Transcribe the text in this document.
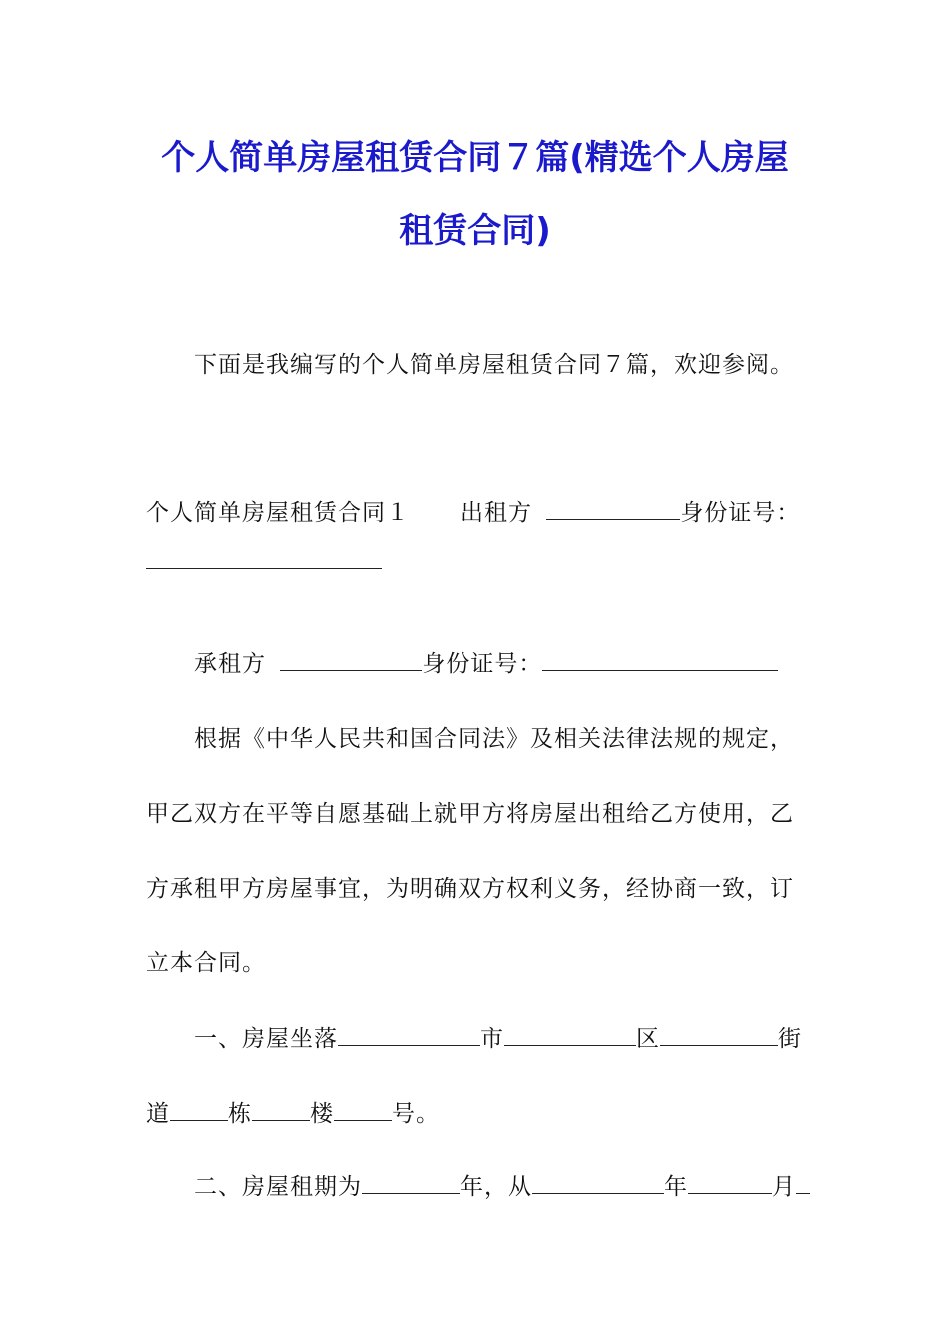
个人简单房屋租赁合同７篇(精选个人房屋
租赁合同)

下面是我编写的个人简单房屋租赁合同７篇，欢迎参阅。

个人简单房屋租赁合同１ 出租方	身份证号：
承租方	身份证号：

根据《中华人民共和国合同法》及相关法律法规的规定，

甲乙双方在平等自愿基础上就甲方将房屋出租给乙方使用，乙

方承租甲方房屋事宜，为明确双方权利义务，经协商一致，订

立本合同。

一、房屋坐落	市	区	街
道	栋	楼	号。
二、房屋租期为	年，从	年	月
